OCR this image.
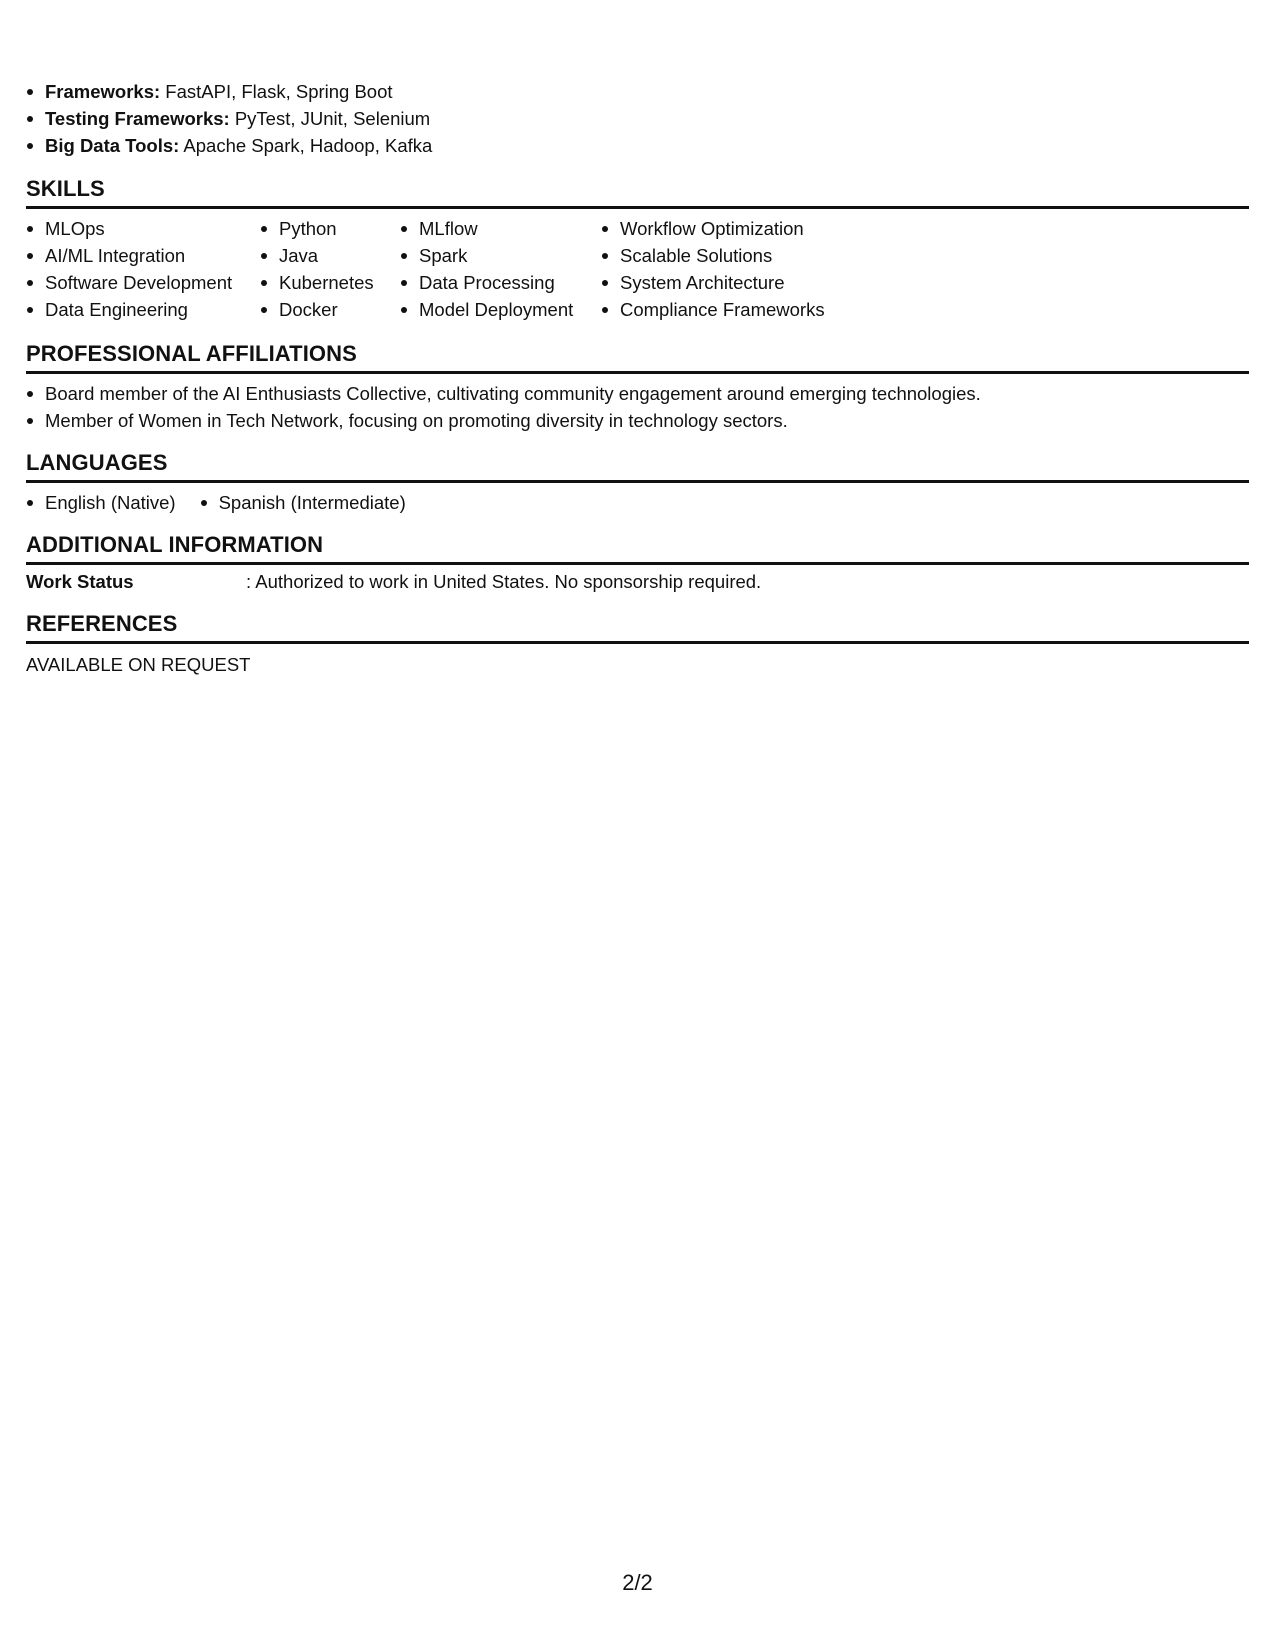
Frameworks: FastAPI, Flask, Spring Boot
Testing Frameworks: PyTest, JUnit, Selenium
Big Data Tools: Apache Spark, Hadoop, Kafka
SKILLS
MLOps
AI/ML Integration
Software Development
Data Engineering
Python
Java
Kubernetes
Docker
MLflow
Spark
Data Processing
Model Deployment
Workflow Optimization
Scalable Solutions
System Architecture
Compliance Frameworks
PROFESSIONAL AFFILIATIONS
Board member of the AI Enthusiasts Collective, cultivating community engagement around emerging technologies.
Member of Women in Tech Network, focusing on promoting diversity in technology sectors.
LANGUAGES
English (Native)	Spanish (Intermediate)
ADDITIONAL INFORMATION
Work Status	: Authorized to work in United States. No sponsorship required.
REFERENCES
AVAILABLE ON REQUEST
2/2
